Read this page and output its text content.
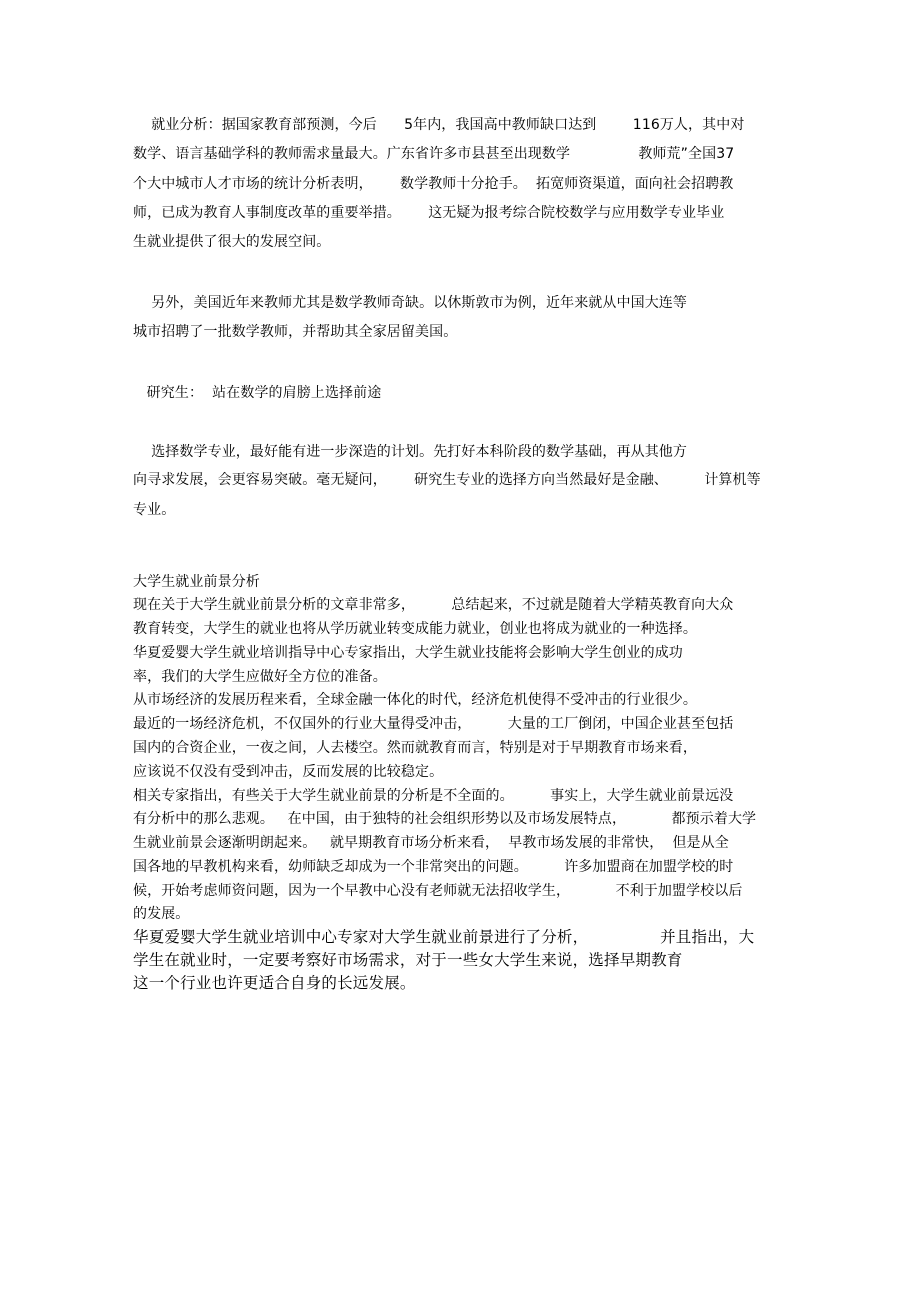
就业分析：据国家教育部预测，今后      5年内，我国高中教师缺口达到        116万人，其中对
数学、语言基础学科的教师需求量最大。广东省许多市县甚至出现数学               教师荒”全国37
个大中城市人才市场的统计分析表明，      数学教师十分抢手。  拓宽师资渠道，面向社会招聘教
师，已成为教育人事制度改革的重要举措。      这无疑为报考综合院校数学与应用数学专业毕业
生就业提供了很大的发展空间。
另外，美国近年来教师尤其是数学教师奇缺。以休斯敦市为例，近年来就从中国大连等
城市招聘了一批数学教师，并帮助其全家居留美国。
研究生：  站在数学的肩膀上选择前途
选择数学专业，最好能有进一步深造的计划。先打好本科阶段的数学基础，再从其他方
向寻求发展，会更容易突破。毫无疑问，      研究生专业的选择方向当然最好是金融、        计算机等
专业。
大学生就业前景分析
现在关于大学生就业前景分析的文章非常多，        总结起来，不过就是随着大学精英教育向大众
教育转变，大学生的就业也将从学历就业转变成能力就业，创业也将成为就业的一种选择。
华夏爱婴大学生就业培训指导中心专家指出，大学生就业技能将会影响大学生创业的成功
率，我们的大学生应做好全方位的准备。
从市场经济的发展历程来看，全球金融一体化的时代，经济危机使得不受冲击的行业很少。
最近的一场经济危机，不仅国外的行业大量得受冲击，        大量的工厂倒闭，中国企业甚至包括
国内的合资企业，一夜之间，人去楼空。然而就教育而言，特别是对于早期教育市场来看，
应该说不仅没有受到冲击，反而发展的比较稳定。
相关专家指出，有些关于大学生就业前景的分析是不全面的。        事实上，大学生就业前景远没
有分析中的那么悲观。   在中国，由于独特的社会组织形势以及市场发展特点，          都预示着大学
生就业前景会逐渐明朗起来。   就早期教育市场分析来看，  早教市场发展的非常快，  但是从全
国各地的早教机构来看，幼师缺乏却成为一个非常突出的问题。        许多加盟商在加盟学校的时
候，开始考虑师资问题，因为一个早教中心没有老师就无法招收学生，          不利于加盟学校以后
的发展。
华夏爱婴大学生就业培训中心专家对大学生就业前景进行了分析，              并且指出，大
学生在就业时，一定要考察好市场需求，对于一些女大学生来说，选择早期教育
这一个行业也许更适合自身的长远发展。
